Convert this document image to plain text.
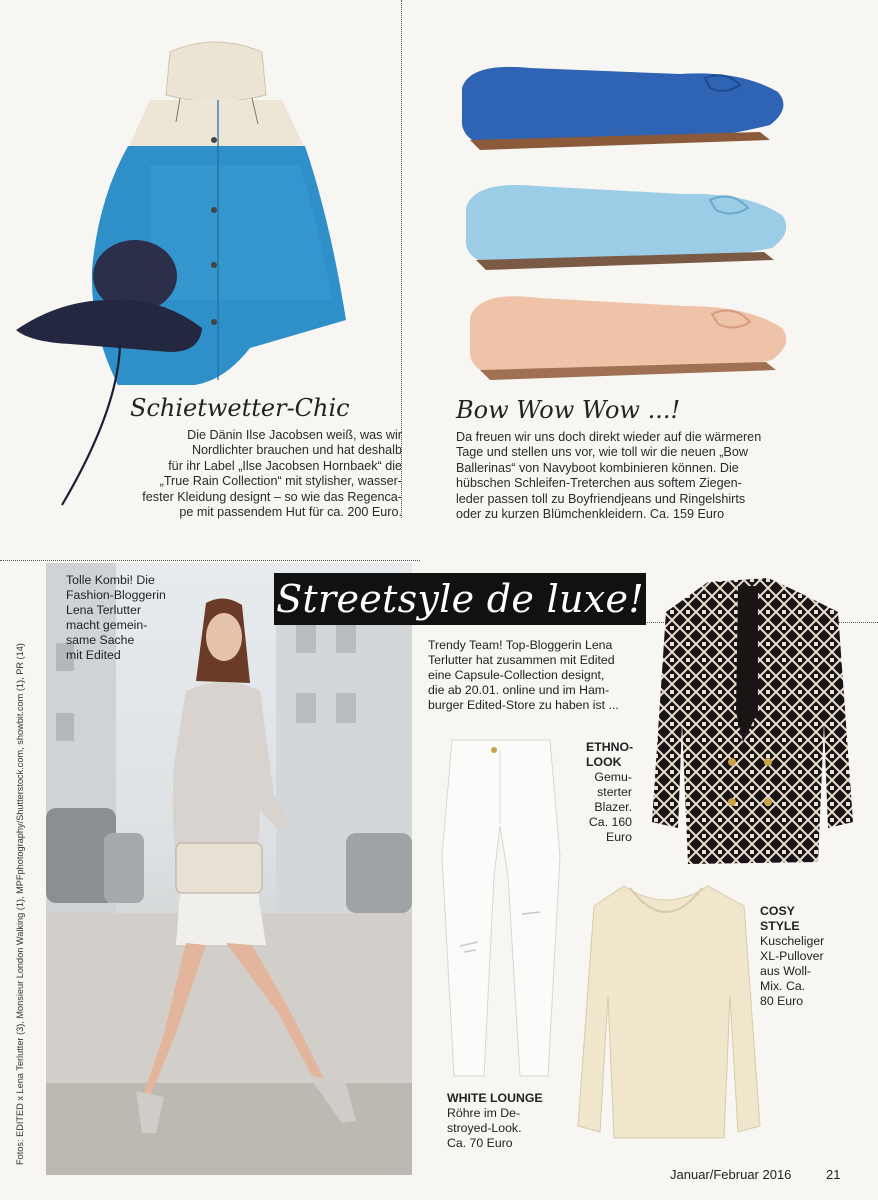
Schietwetter-Chic
Die Dänin Ilse Jacobsen weiß, was wir
Nordlichter brauchen und hat deshalb
für ihr Label „Ilse Jacobsen Hornbaek“ die
„True Rain Collection“ mit stylisher, wasser-
fester Kleidung designt – so wie das Regenca-
pe mit passendem Hut für ca. 200 Euro.
Bow Wow Wow ...!
Da freuen wir uns doch direkt wieder auf die wärmeren
Tage und stellen uns vor, wie toll wir die neuen „Bow
Ballerinas“ von Navyboot kombinieren können. Die
hübschen Schleifen-Treterchen aus softem Ziegen-
leder passen toll zu Boyfriendjeans und Ringelshirts
oder zu kurzen Blümchenkleidern. Ca. 159 Euro
Tolle Kombi! Die
Fashion-Bloggerin
Lena Terlutter
macht gemein-
same Sache
mit Edited
Fotos: EDITED x Lena Terlutter (3), Monsieur London Walking (1), MPFphotography/Shutterstock.com, showbit.com (1), PR (14)
Streetsyle de luxe!
Trendy Team! Top-Bloggerin Lena
Terlutter hat zusammen mit Edited
eine Capsule-Collection designt,
die ab 20.01. online und im Ham-
burger Edited-Store zu haben ist ...
ETHNO-
LOOK
Gemu-
sterter
Blazer.
Ca. 160
Euro
WHITE LOUNGE
Röhre im De-
stroyed-Look.
Ca. 70 Euro
COSY
STYLE
Kuscheliger
XL-Pullover
aus Woll-
Mix. Ca.
80 Euro
Januar/Februar 2016	21
